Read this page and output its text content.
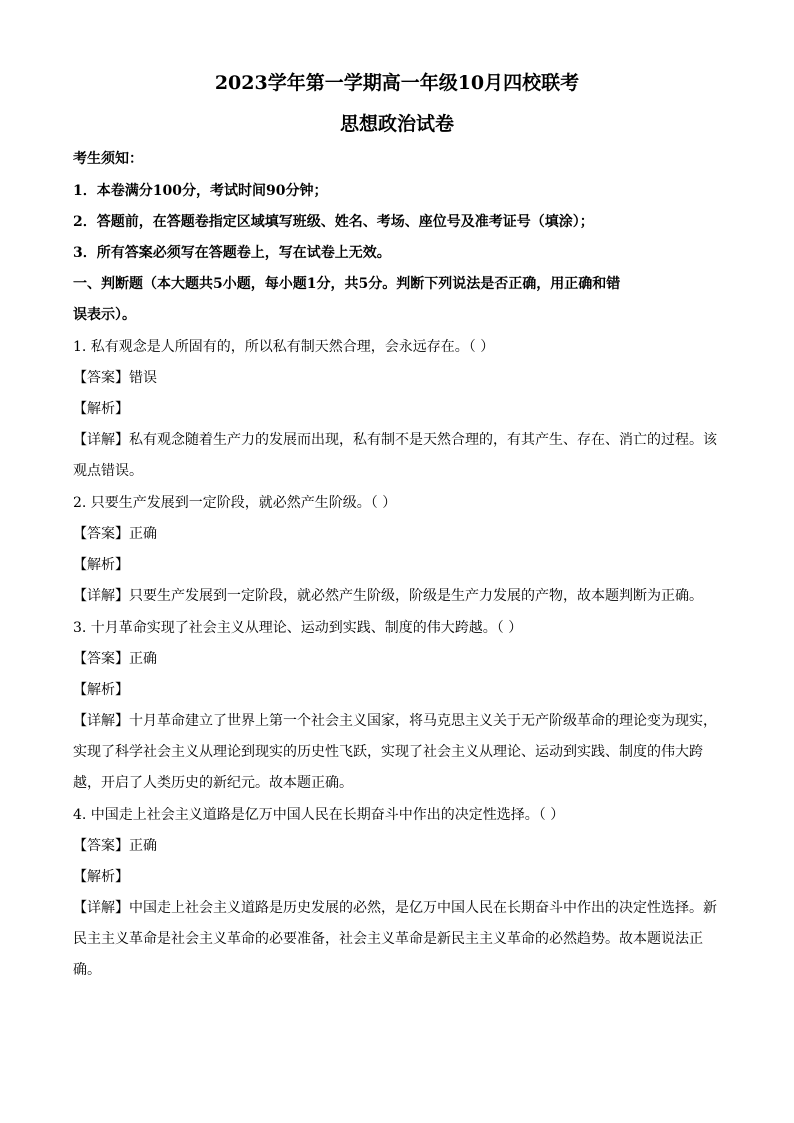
2023学年第一学期高一年级10月四校联考
思想政治试卷
考生须知：
1．本卷满分100分，考试时间90分钟；
2．答题前，在答题卷指定区域填写班级、姓名、考场、座位号及准考证号（填涂）；
3．所有答案必须写在答题卷上，写在试卷上无效。
一、判断题（本大题共5小题，每小题1分，共5分。判断下列说法是否正确，用正确和错
误表示）。
1. 私有观念是人所固有的，所以私有制天然合理，会永远存在。（ ）
【答案】错误
【解析】
【详解】私有观念随着生产力的发展而出现，私有制不是天然合理的，有其产生、存在、消亡的过程。该
观点错误。
2. 只要生产发展到一定阶段，就必然产生阶级。（ ）
【答案】正确
【解析】
【详解】只要生产发展到一定阶段，就必然产生阶级，阶级是生产力发展的产物，故本题判断为正确。
3. 十月革命实现了社会主义从理论、运动到实践、制度的伟大跨越。（ ）
【答案】正确
【解析】
【详解】十月革命建立了世界上第一个社会主义国家，将马克思主义关于无产阶级革命的理论变为现实，
实现了科学社会主义从理论到现实的历史性飞跃，实现了社会主义从理论、运动到实践、制度的伟大跨
越，开启了人类历史的新纪元。故本题正确。
4. 中国走上社会主义道路是亿万中国人民在长期奋斗中作出的决定性选择。（ ）
【答案】正确
【解析】
【详解】中国走上社会主义道路是历史发展的必然，是亿万中国人民在长期奋斗中作出的决定性选择。新
民主主义革命是社会主义革命的必要准备，社会主义革命是新民主主义革命的必然趋势。故本题说法正
确。
